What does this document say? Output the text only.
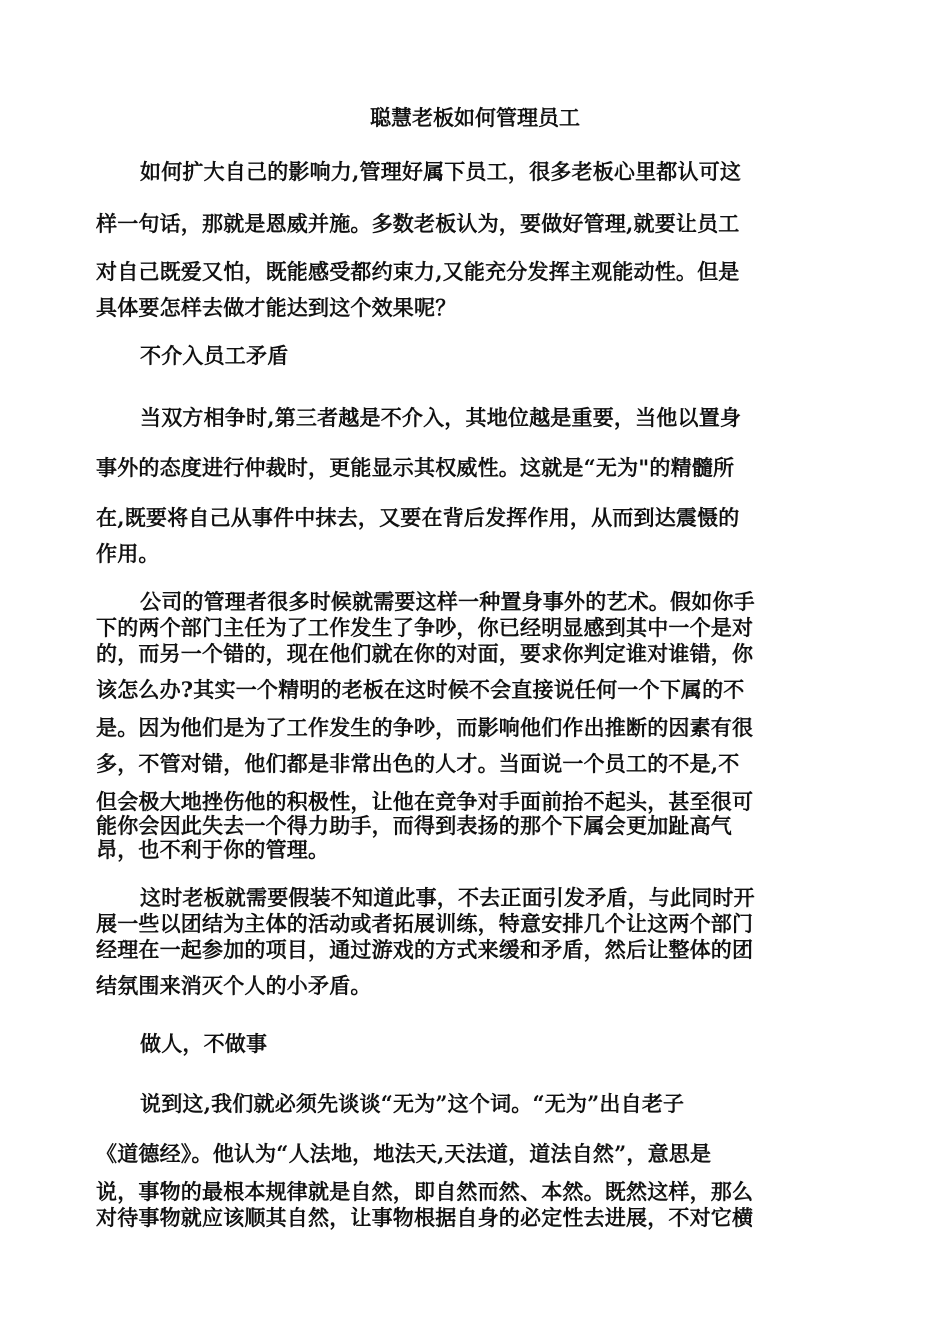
聪慧老板如何管理员工
如何扩大自己的影响力,管理好属下员工，很多老板心里都认可这
样一句话，那就是恩威并施。多数老板认为，要做好管理,就要让员工
对自己既爱又怕，既能感受都约束力,又能充分发挥主观能动性。但是
具体要怎样去做才能达到这个效果呢？
不介入员工矛盾
当双方相争时,第三者越是不介入，其地位越是重要，当他以置身
事外的态度进行仲裁时，更能显示其权威性。这就是“无为"的精髓所
在,既要将自己从事件中抹去，又要在背后发挥作用，从而到达震慑的
作用。
公司的管理者很多时候就需要这样一种置身事外的艺术。假如你手
下的两个部门主任为了工作发生了争吵，你已经明显感到其中一个是对
的，而另一个错的，现在他们就在你的对面，要求你判定谁对谁错，你
该怎么办?其实一个精明的老板在这时候不会直接说任何一个下属的不
是。因为他们是为了工作发生的争吵，而影响他们作出推断的因素有很
多，不管对错，他们都是非常出色的人才。当面说一个员工的不是,不
但会极大地挫伤他的积极性，让他在竞争对手面前抬不起头，甚至很可
能你会因此失去一个得力助手，而得到表扬的那个下属会更加趾高气
昂，也不利于你的管理。
这时老板就需要假装不知道此事，不去正面引发矛盾，与此同时开
展一些以团结为主体的活动或者拓展训练，特意安排几个让这两个部门
经理在一起参加的项目，通过游戏的方式来缓和矛盾，然后让整体的团
结氛围来消灭个人的小矛盾。
做人，不做事
说到这,我们就必须先谈谈“无为”这个词。“无为”出自老子
《道德经》。他认为“人法地，地法天,天法道，道法自然”，意思是
说，事物的最根本规律就是自然，即自然而然、本然。既然这样，那么
对待事物就应该顺其自然，让事物根据自身的必定性去进展，不对它横
